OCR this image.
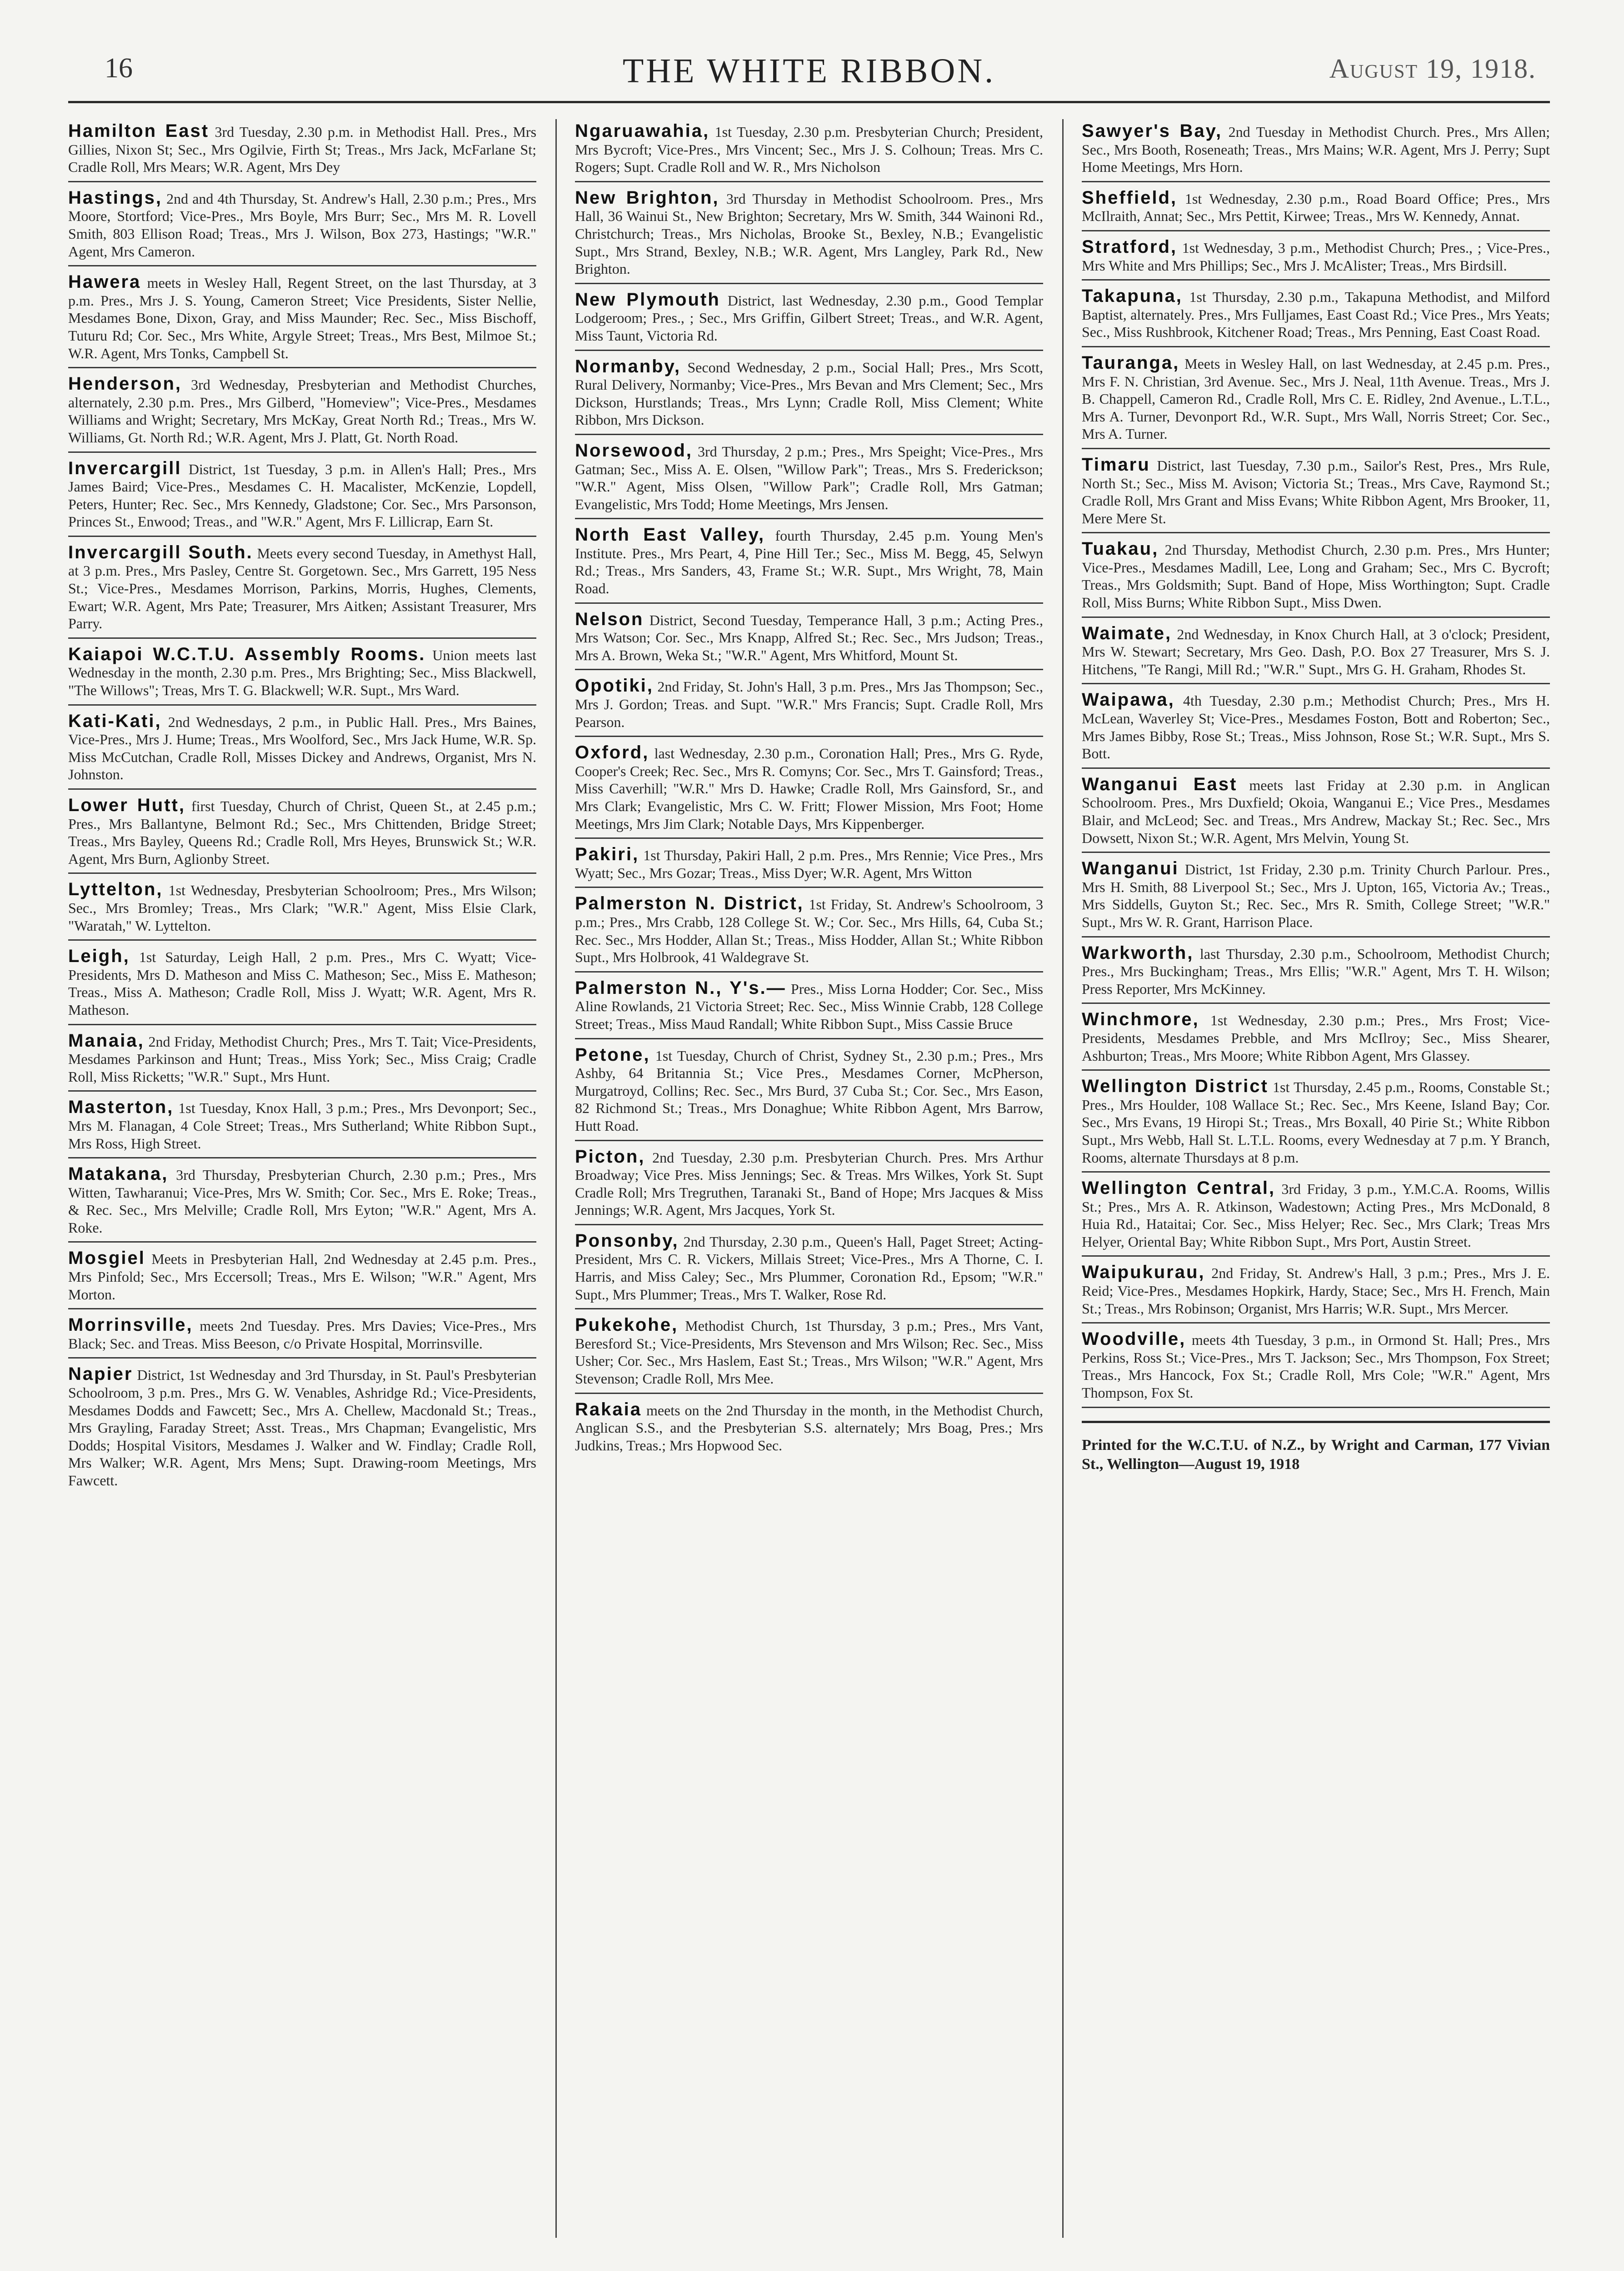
16	THE WHITE RIBBON.	August 19, 1918.
Hamilton East 3rd Tuesday, 2.30 p.m. in Methodist Hall. Pres., Mrs Gillies, Nixon St; Sec., Mrs Ogilvie, Firth St; Treas., Mrs Jack, McFarlane St; Cradle Roll, Mrs Mears; W.R. Agent, Mrs Dey
Hastings, 2nd and 4th Thursday, St. Andrew's Hall, 2.30 p.m.; Pres., Mrs Moore, Stortford; Vice-Pres., Mrs Boyle, Mrs Burr; Sec., Mrs M. R. Lovell Smith, 803 Ellison Road; Treas., Mrs J. Wilson, Box 273, Hastings; "W.R." Agent, Mrs Cameron.
Hawera meets in Wesley Hall, Regent Street, on the last Thursday, at 3 p.m. Pres., Mrs J. S. Young, Cameron Street; Vice Presidents, Sister Nellie, Mesdames Bone, Dixon, Gray, and Miss Maunder; Rec. Sec., Miss Bischoff, Tuturu Rd; Cor. Sec., Mrs White, Argyle Street; Treas., Mrs Best, Milmoe St.; W.R. Agent, Mrs Tonks, Campbell St.
Henderson, 3rd Wednesday, Presbyterian and Methodist Churches, alternately, 2.30 p.m. Pres., Mrs Gilberd, "Homeview"; Vice-Pres., Mesdames Williams and Wright; Secretary, Mrs McKay, Great North Rd.; Treas., Mrs W. Williams, Gt. North Rd.; W.R. Agent, Mrs J. Platt, Gt. North Road.
Invercargill District, 1st Tuesday, 3 p.m. in Allen's Hall; Pres., Mrs James Baird; Vice-Pres., Mesdames C. H. Macalister, McKenzie, Lopdell, Peters, Hunter; Rec. Sec., Mrs Kennedy, Gladstone; Cor. Sec., Mrs Parsonson, Princes St., Enwood; Treas., and "W.R." Agent, Mrs F. Lillicrap, Earn St.
Invercargill South. Meets every second Tuesday, in Amethyst Hall, at 3 p.m. Pres., Mrs Pasley, Centre St. Gorgetown. Sec., Mrs Garrett, 195 Ness St.; Vice-Pres., Mesdames Morrison, Parkins, Morris, Hughes, Clements, Ewart; W.R. Agent, Mrs Pate; Treasurer, Mrs Aitken; Assistant Treasurer, Mrs Parry.
Kaiapoi W.C.T.U. Assembly Rooms. Union meets last Wednesday in the month, 2.30 p.m. Pres., Mrs Brighting; Sec., Miss Blackwell, "The Willows"; Treas, Mrs T. G. Blackwell; W.R. Supt., Mrs Ward.
Kati-Kati, 2nd Wednesdays, 2 p.m., in Public Hall. Pres., Mrs Baines, Vice-Pres., Mrs J. Hume; Treas., Mrs Woolford, Sec., Mrs Jack Hume, W.R. Sp. Miss McCutchan, Cradle Roll, Misses Dickey and Andrews, Organist, Mrs N. Johnston.
Lower Hutt, first Tuesday, Church of Christ, Queen St., at 2.45 p.m.; Pres., Mrs Ballantyne, Belmont Rd.; Sec., Mrs Chittenden, Bridge Street; Treas., Mrs Bayley, Queens Rd.; Cradle Roll, Mrs Heyes, Brunswick St.; W.R. Agent, Mrs Burn, Aglionby Street.
Lyttelton, 1st Wednesday, Presbyterian Schoolroom; Pres., Mrs Wilson; Sec., Mrs Bromley; Treas., Mrs Clark; "W.R." Agent, Miss Elsie Clark, "Waratah," W. Lyttelton.
Leigh, 1st Saturday, Leigh Hall, 2 p.m. Pres., Mrs C. Wyatt; Vice-Presidents, Mrs D. Matheson and Miss C. Matheson; Sec., Miss E. Matheson; Treas., Miss A. Matheson; Cradle Roll, Miss J. Wyatt; W.R. Agent, Mrs R. Matheson.
Manaia, 2nd Friday, Methodist Church; Pres., Mrs T. Tait; Vice-Presidents, Mesdames Parkinson and Hunt; Treas., Miss York; Sec., Miss Craig; Cradle Roll, Miss Ricketts; "W.R." Supt., Mrs Hunt.
Masterton, 1st Tuesday, Knox Hall, 3 p.m.; Pres., Mrs Devonport; Sec., Mrs M. Flanagan, 4 Cole Street; Treas., Mrs Sutherland; White Ribbon Supt., Mrs Ross, High Street.
Matakana, 3rd Thursday, Presbyterian Church, 2.30 p.m.; Pres., Mrs Witten, Tawharanui; Vice-Pres, Mrs W. Smith; Cor. Sec., Mrs E. Roke; Treas., & Rec. Sec., Mrs Melville; Cradle Roll, Mrs Eyton; "W.R." Agent, Mrs A. Roke.
Mosgiel Meets in Presbyterian Hall, 2nd Wednesday at 2.45 p.m. Pres., Mrs Pinfold; Sec., Mrs Eccersoll; Treas., Mrs E. Wilson; "W.R." Agent, Mrs Morton.
Morrinsville, meets 2nd Tuesday. Pres. Mrs Davies; Vice-Pres., Mrs Black; Sec. and Treas. Miss Beeson, c/o Private Hospital, Morrinsville.
Napier District, 1st Wednesday and 3rd Thursday, in St. Paul's Presbyterian Schoolroom, 3 p.m. Pres., Mrs G. W. Venables, Ashridge Rd.; Vice-Presidents, Mesdames Dodds and Fawcett; Sec., Mrs A. Chellew, Macdonald St.; Treas., Mrs Grayling, Faraday Street; Asst. Treas., Mrs Chapman; Evangelistic, Mrs Dodds; Hospital Visitors, Mesdames J. Walker and W. Findlay; Cradle Roll, Mrs Walker; W.R. Agent, Mrs Mens; Supt. Drawing-room Meetings, Mrs Fawcett.
Ngaruawahia, 1st Tuesday, 2.30 p.m. Presbyterian Church; President, Mrs Bycroft; Vice-Pres., Mrs Vincent; Sec., Mrs J. S. Colhoun; Treas. Mrs C. Rogers; Supt. Cradle Roll and W. R., Mrs Nicholson
New Brighton, 3rd Thursday in Methodist Schoolroom. Pres., Mrs Hall, 36 Wainui St., New Brighton; Secretary, Mrs W. Smith, 344 Wainoni Rd., Christchurch; Treas., Mrs Nicholas, Brooke St., Bexley, N.B.; Evangelistic Supt., Mrs Strand, Bexley, N.B.; W.R. Agent, Mrs Langley, Park Rd., New Brighton.
New Plymouth District, last Wednesday, 2.30 p.m., Good Templar Lodgeroom; Pres., ; Sec., Mrs Griffin, Gilbert Street; Treas., and W.R. Agent, Miss Taunt, Victoria Rd.
Normanby, Second Wednesday, 2 p.m., Social Hall; Pres., Mrs Scott, Rural Delivery, Normanby; Vice-Pres., Mrs Bevan and Mrs Clement; Sec., Mrs Dickson, Hurstlands; Treas., Mrs Lynn; Cradle Roll, Miss Clement; White Ribbon, Mrs Dickson.
Norsewood, 3rd Thursday, 2 p.m.; Pres., Mrs Speight; Vice-Pres., Mrs Gatman; Sec., Miss A. E. Olsen, "Willow Park"; Treas., Mrs S. Frederickson; "W.R." Agent, Miss Olsen, "Willow Park"; Cradle Roll, Mrs Gatman; Evangelistic, Mrs Todd; Home Meetings, Mrs Jensen.
North East Valley, fourth Thursday, 2.45 p.m. Young Men's Institute. Pres., Mrs Peart, 4, Pine Hill Ter.; Sec., Miss M. Begg, 45, Selwyn Rd.; Treas., Mrs Sanders, 43, Frame St.; W.R. Supt., Mrs Wright, 78, Main Road.
Nelson District, Second Tuesday, Temperance Hall, 3 p.m.; Acting Pres., Mrs Watson; Cor. Sec., Mrs Knapp, Alfred St.; Rec. Sec., Mrs Judson; Treas., Mrs A. Brown, Weka St.; "W.R." Agent, Mrs Whitford, Mount St.
Opotiki, 2nd Friday, St. John's Hall, 3 p.m. Pres., Mrs Jas Thompson; Sec., Mrs J. Gordon; Treas. and Supt. "W.R." Mrs Francis; Supt. Cradle Roll, Mrs Pearson.
Oxford, last Wednesday, 2.30 p.m., Coronation Hall; Pres., Mrs G. Ryde, Cooper's Creek; Rec. Sec., Mrs R. Comyns; Cor. Sec., Mrs T. Gainsford; Treas., Miss Caverhill; "W.R." Mrs D. Hawke; Cradle Roll, Mrs Gainsford, Sr., and Mrs Clark; Evangelistic, Mrs C. W. Fritt; Flower Mission, Mrs Foot; Home Meetings, Mrs Jim Clark; Notable Days, Mrs Kippenberger.
Pakiri, 1st Thursday, Pakiri Hall, 2 p.m. Pres., Mrs Rennie; Vice Pres., Mrs Wyatt; Sec., Mrs Gozar; Treas., Miss Dyer; W.R. Agent, Mrs Witton
Palmerston N. District, 1st Friday, St. Andrew's Schoolroom, 3 p.m.; Pres., Mrs Crabb, 128 College St. W.; Cor. Sec., Mrs Hills, 64, Cuba St.; Rec. Sec., Mrs Hodder, Allan St.; Treas., Miss Hodder, Allan St.; White Ribbon Supt., Mrs Holbrook, 41 Waldegrave St.
Palmerston N., Y's.— Pres., Miss Lorna Hodder; Cor. Sec., Miss Aline Rowlands, 21 Victoria Street; Rec. Sec., Miss Winnie Crabb, 128 College Street; Treas., Miss Maud Randall; White Ribbon Supt., Miss Cassie Bruce
Petone, 1st Tuesday, Church of Christ, Sydney St., 2.30 p.m.; Pres., Mrs Ashby, 64 Britannia St.; Vice Pres., Mesdames Corner, McPherson, Murgatroyd, Collins; Rec. Sec., Mrs Burd, 37 Cuba St.; Cor. Sec., Mrs Eason, 82 Richmond St.; Treas., Mrs Donaghue; White Ribbon Agent, Mrs Barrow, Hutt Road.
Picton, 2nd Tuesday, 2.30 p.m. Presbyterian Church. Pres. Mrs Arthur Broadway; Vice Pres. Miss Jennings; Sec. & Treas. Mrs Wilkes, York St. Supt Cradle Roll; Mrs Tregruthen, Taranaki St., Band of Hope; Mrs Jacques & Miss Jennings; W.R. Agent, Mrs Jacques, York St.
Ponsonby, 2nd Thursday, 2.30 p.m., Queen's Hall, Paget Street; Acting-President, Mrs C. R. Vickers, Millais Street; Vice-Pres., Mrs A Thorne, C. I. Harris, and Miss Caley; Sec., Mrs Plummer, Coronation Rd., Epsom; "W.R." Supt., Mrs Plummer; Treas., Mrs T. Walker, Rose Rd.
Pukekohe, Methodist Church, 1st Thursday, 3 p.m.; Pres., Mrs Vant, Beresford St.; Vice-Presidents, Mrs Stevenson and Mrs Wilson; Rec. Sec., Miss Usher; Cor. Sec., Mrs Haslem, East St.; Treas., Mrs Wilson; "W.R." Agent, Mrs Stevenson; Cradle Roll, Mrs Mee.
Rakaia meets on the 2nd Thursday in the month, in the Methodist Church, Anglican S.S., and the Presbyterian S.S. alternately; Mrs Boag, Pres.; Mrs Judkins, Treas.; Mrs Hopwood Sec.
Sawyer's Bay, 2nd Tuesday in Methodist Church. Pres., Mrs Allen; Sec., Mrs Booth, Roseneath; Treas., Mrs Mains; W.R. Agent, Mrs J. Perry; Supt Home Meetings, Mrs Horn.
Sheffield, 1st Wednesday, 2.30 p.m., Road Board Office; Pres., Mrs McIlraith, Annat; Sec., Mrs Pettit, Kirwee; Treas., Mrs W. Kennedy, Annat.
Stratford, 1st Wednesday, 3 p.m., Methodist Church; Pres., ; Vice-Pres., Mrs White and Mrs Phillips; Sec., Mrs J. McAlister; Treas., Mrs Birdsill.
Takapuna, 1st Thursday, 2.30 p.m., Takapuna Methodist, and Milford Baptist, alternately. Pres., Mrs Fulljames, East Coast Rd.; Vice Pres., Mrs Yeats; Sec., Miss Rushbrook, Kitchener Road; Treas., Mrs Penning, East Coast Road.
Tauranga, Meets in Wesley Hall, on last Wednesday, at 2.45 p.m. Pres., Mrs F. N. Christian, 3rd Avenue. Sec., Mrs J. Neal, 11th Avenue. Treas., Mrs J. B. Chappell, Cameron Rd., Cradle Roll, Mrs C. E. Ridley, 2nd Avenue., L.T.L., Mrs A. Turner, Devonport Rd., W.R. Supt., Mrs Wall, Norris Street; Cor. Sec., Mrs A. Turner.
Timaru District, last Tuesday, 7.30 p.m., Sailor's Rest, Pres., Mrs Rule, North St.; Sec., Miss M. Avison; Victoria St.; Treas., Mrs Cave, Raymond St.; Cradle Roll, Mrs Grant and Miss Evans; White Ribbon Agent, Mrs Brooker, 11, Mere Mere St.
Tuakau, 2nd Thursday, Methodist Church, 2.30 p.m. Pres., Mrs Hunter; Vice-Pres., Mesdames Madill, Lee, Long and Graham; Sec., Mrs C. Bycroft; Treas., Mrs Goldsmith; Supt. Band of Hope, Miss Worthington; Supt. Cradle Roll, Miss Burns; White Ribbon Supt., Miss Dwen.
Waimate, 2nd Wednesday, in Knox Church Hall, at 3 o'clock; President, Mrs W. Stewart; Secretary, Mrs Geo. Dash, P.O. Box 27 Treasurer, Mrs S. J. Hitchens, "Te Rangi, Mill Rd.; "W.R." Supt., Mrs G. H. Graham, Rhodes St.
Waipawa, 4th Tuesday, 2.30 p.m.; Methodist Church; Pres., Mrs H. McLean, Waverley St; Vice-Pres., Mesdames Foston, Bott and Roberton; Sec., Mrs James Bibby, Rose St.; Treas., Miss Johnson, Rose St.; W.R. Supt., Mrs S. Bott.
Wanganui East meets last Friday at 2.30 p.m. in Anglican Schoolroom. Pres., Mrs Duxfield; Okoia, Wanganui E.; Vice Pres., Mesdames Blair, and McLeod; Sec. and Treas., Mrs Andrew, Mackay St.; Rec. Sec., Mrs Dowsett, Nixon St.; W.R. Agent, Mrs Melvin, Young St.
Wanganui District, 1st Friday, 2.30 p.m. Trinity Church Parlour. Pres., Mrs H. Smith, 88 Liverpool St.; Sec., Mrs J. Upton, 165, Victoria Av.; Treas., Mrs Siddells, Guyton St.; Rec. Sec., Mrs R. Smith, College Street; "W.R." Supt., Mrs W. R. Grant, Harrison Place.
Warkworth, last Thursday, 2.30 p.m., Schoolroom, Methodist Church; Pres., Mrs Buckingham; Treas., Mrs Ellis; "W.R." Agent, Mrs T. H. Wilson; Press Reporter, Mrs McKinney.
Winchmore, 1st Wednesday, 2.30 p.m.; Pres., Mrs Frost; Vice-Presidents, Mesdames Prebble, and Mrs McIlroy; Sec., Miss Shearer, Ashburton; Treas., Mrs Moore; White Ribbon Agent, Mrs Glassey.
Wellington District 1st Thursday, 2.45 p.m., Rooms, Constable St.; Pres., Mrs Houlder, 108 Wallace St.; Rec. Sec., Mrs Keene, Island Bay; Cor. Sec., Mrs Evans, 19 Hiropi St.; Treas., Mrs Boxall, 40 Pirie St.; White Ribbon Supt., Mrs Webb, Hall St. L.T.L. Rooms, every Wednesday at 7 p.m. Y Branch, Rooms, alternate Thursdays at 8 p.m.
Wellington Central, 3rd Friday, 3 p.m., Y.M.C.A. Rooms, Willis St.; Pres., Mrs A. R. Atkinson, Wadestown; Acting Pres., Mrs McDonald, 8 Huia Rd., Hataitai; Cor. Sec., Miss Helyer; Rec. Sec., Mrs Clark; Treas Mrs Helyer, Oriental Bay; White Ribbon Supt., Mrs Port, Austin Street.
Waipukurau, 2nd Friday, St. Andrew's Hall, 3 p.m.; Pres., Mrs J. E. Reid; Vice-Pres., Mesdames Hopkirk, Hardy, Stace; Sec., Mrs H. French, Main St.; Treas., Mrs Robinson; Organist, Mrs Harris; W.R. Supt., Mrs Mercer.
Woodville, meets 4th Tuesday, 3 p.m., in Ormond St. Hall; Pres., Mrs Perkins, Ross St.; Vice-Pres., Mrs T. Jackson; Sec., Mrs Thompson, Fox Street; Treas., Mrs Hancock, Fox St.; Cradle Roll, Mrs Cole; "W.R." Agent, Mrs Thompson, Fox St.
Printed for the W.C.T.U. of N.Z., by Wright and Carman, 177 Vivian St., Wellington—August 19, 1918
